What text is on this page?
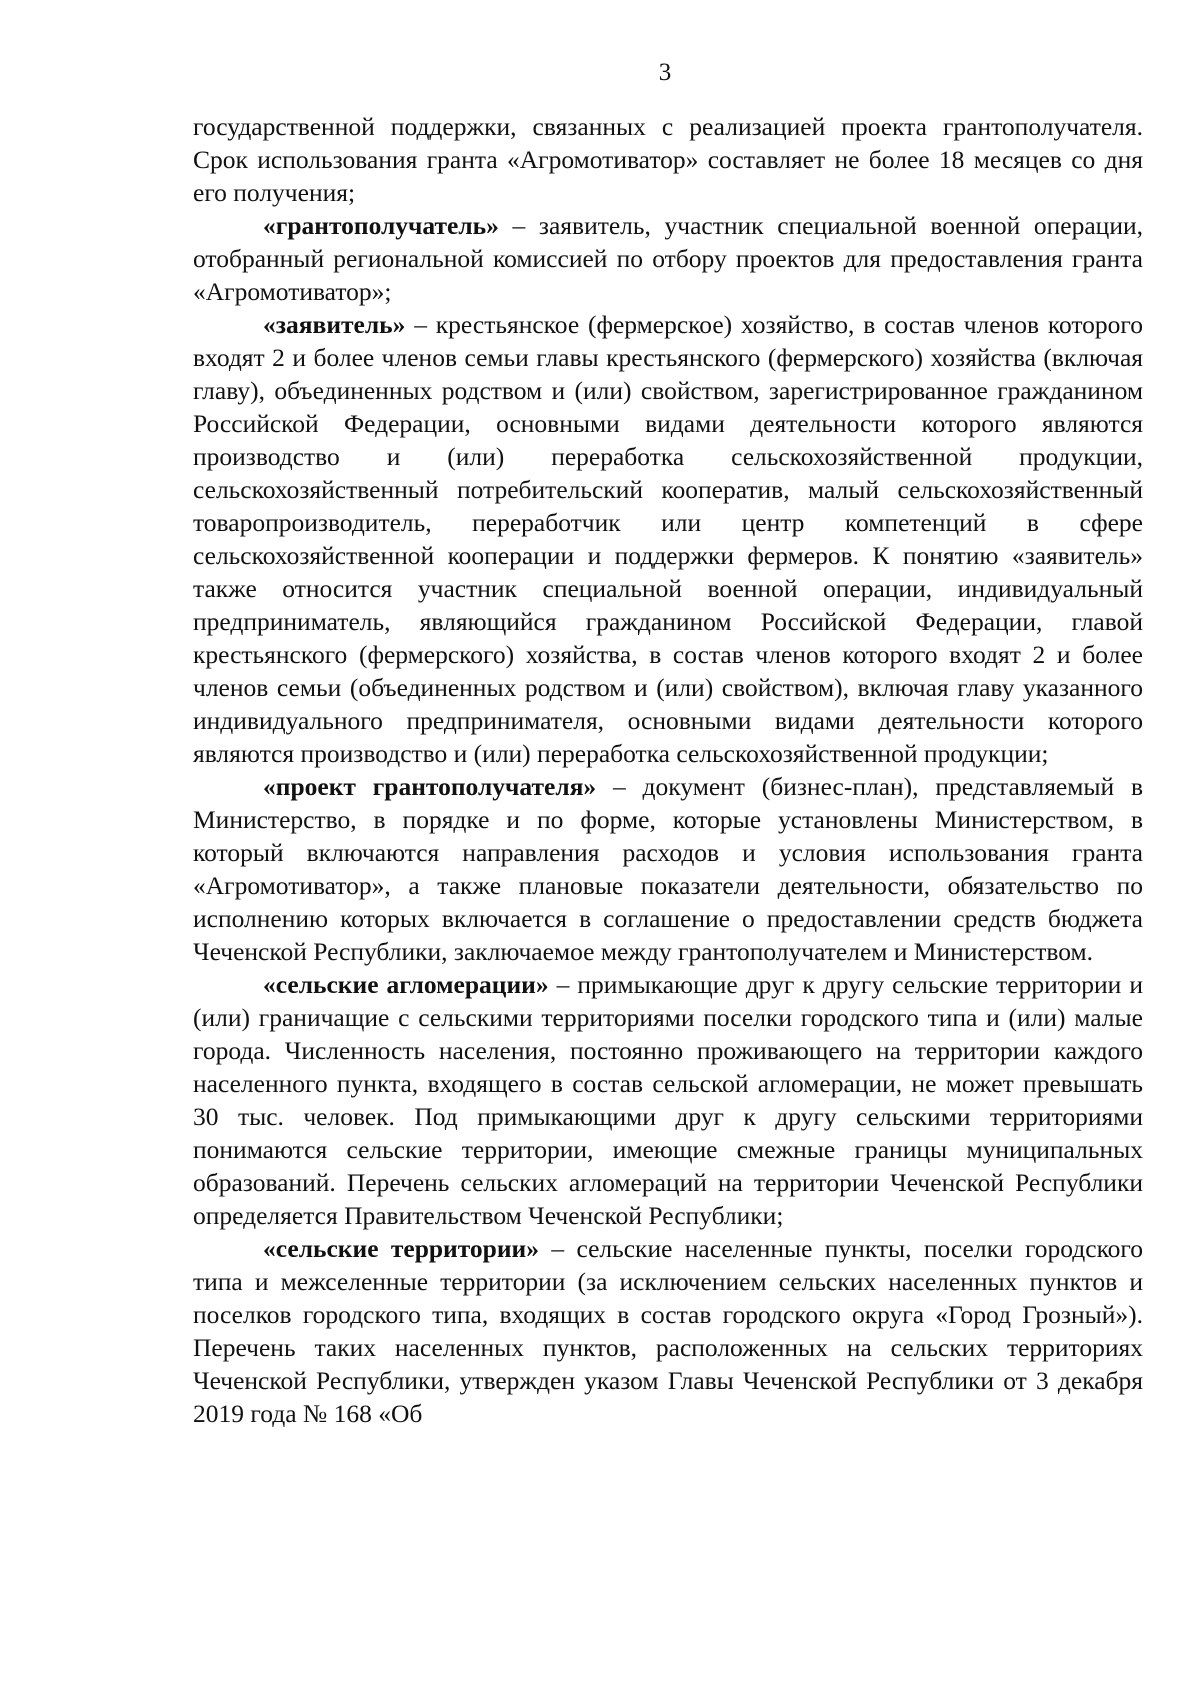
3

государственной поддержки, связанных с реализацией проекта грантополучателя. Срок использования гранта «Агромотиватор» составляет не более 18 месяцев со дня его получения;

«грантополучатель» – заявитель, участник специальной военной операции, отобранный региональной комиссией по отбору проектов для предоставления гранта «Агромотиватор»;

«заявитель» – крестьянское (фермерское) хозяйство, в состав членов которого входят 2 и более членов семьи главы крестьянского (фермерского) хозяйства (включая главу), объединенных родством и (или) свойством, зарегистрированное гражданином Российской Федерации, основными видами деятельности которого являются производство и (или) переработка сельскохозяйственной продукции, сельскохозяйственный потребительский кооператив, малый сельскохозяйственный товаропроизводитель, переработчик или центр компетенций в сфере сельскохозяйственной кооперации и поддержки фермеров. К понятию «заявитель» также относится участник специальной военной операции, индивидуальный предприниматель, являющийся гражданином Российской Федерации, главой крестьянского (фермерского) хозяйства, в состав членов которого входят 2 и более членов семьи (объединенных родством и (или) свойством), включая главу указанного индивидуального предпринимателя, основными видами деятельности которого являются производство и (или) переработка сельскохозяйственной продукции;

«проект грантополучателя» – документ (бизнес-план), представляемый в Министерство, в порядке и по форме, которые установлены Министерством, в который включаются направления расходов и условия использования гранта «Агромотиватор», а также плановые показатели деятельности, обязательство по исполнению которых включается в соглашение о предоставлении средств бюджета Чеченской Республики, заключаемое между грантополучателем и Министерством.

«сельские агломерации» – примыкающие друг к другу сельские территории и (или) граничащие с сельскими территориями поселки городского типа и (или) малые города. Численность населения, постоянно проживающего на территории каждого населенного пункта, входящего в состав сельской агломерации, не может превышать 30 тыс. человек. Под примыкающими друг к другу сельскими территориями понимаются сельские территории, имеющие смежные границы муниципальных образований. Перечень сельских агломераций на территории Чеченской Республики определяется Правительством Чеченской Республики;

«сельские территории» – сельские населенные пункты, поселки городского типа и межселенные территории (за исключением сельских населенных пунктов и поселков городского типа, входящих в состав городского округа «Город Грозный»). Перечень таких населенных пунктов, расположенных на сельских территориях Чеченской Республики, утвержден указом Главы Чеченской Республики от 3 декабря 2019 года № 168 «Об
